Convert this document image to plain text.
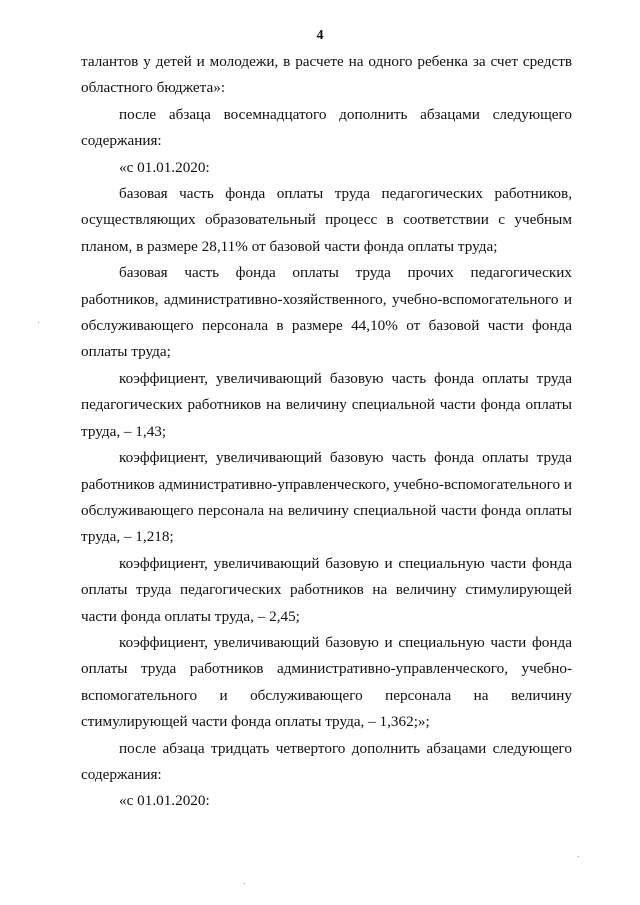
4

талантов у детей и молодежи, в расчете на одного ребенка за счет средств областного бюджета»:

после абзаца восемнадцатого дополнить абзацами следующего содержания:

«с 01.01.2020:

базовая часть фонда оплаты труда педагогических работников, осуществляющих образовательный процесс в соответствии с учебным планом, в размере 28,11% от базовой части фонда оплаты труда;

базовая часть фонда оплаты труда прочих педагогических работников, административно-хозяйственного, учебно-вспомогательного и обслуживающего персонала в размере 44,10% от базовой части фонда оплаты труда;

коэффициент, увеличивающий базовую часть фонда оплаты труда педагогических работников на величину специальной части фонда оплаты труда, – 1,43;

коэффициент, увеличивающий базовую часть фонда оплаты труда работников административно-управленческого, учебно-вспомогательного и обслуживающего персонала на величину специальной части фонда оплаты труда, – 1,218;

коэффициент, увеличивающий базовую и специальную части фонда оплаты труда педагогических работников на величину стимулирующей части фонда оплаты труда, – 2,45;

коэффициент, увеличивающий базовую и специальную части фонда оплаты труда работников административно-управленческого, учебно-вспомогательного и обслуживающего персонала на величину стимулирующей части фонда оплаты труда, – 1,362;»;

после абзаца тридцать четвертого дополнить абзацами следующего содержания:

«с 01.01.2020:
